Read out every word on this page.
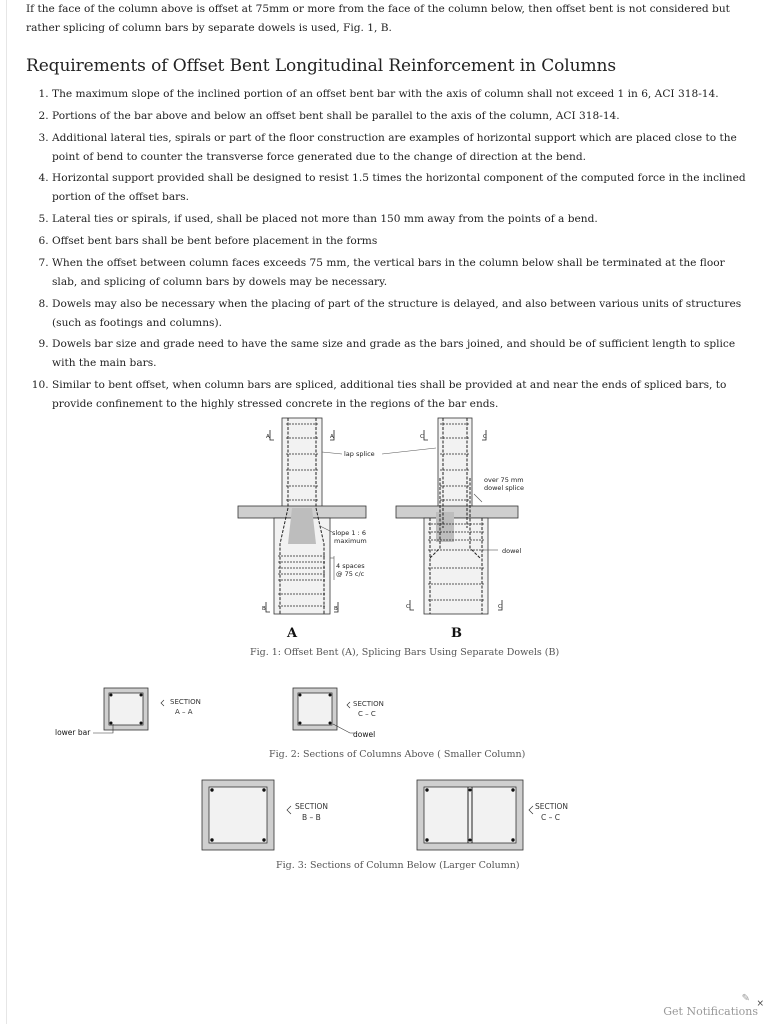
If the face of the column above is offset at 75mm or more from the face of the column below, then offset bent is not considered but rather splicing of column bars by separate dowels is used, Fig. 1, B.

Requirements of Offset Bent Longitudinal Reinforcement in Columns
1. The maximum slope of the inclined portion of an offset bent bar with the axis of column shall not exceed 1 in 6, ACI 318-14.
2. Portions of the bar above and below an offset bent shall be parallel to the axis of the column, ACI 318-14.
3. Additional lateral ties, spirals or part of the floor construction are examples of horizontal support which are placed close to the point of bend to counter the transverse force generated due to the change of direction at the bend.
4. Horizontal support provided shall be designed to resist 1.5 times the horizontal component of the computed force in the inclined portion of the offset bars.
5. Lateral ties or spirals, if used, shall be placed not more than 150 mm away from the points of a bend.
6. Offset bent bars shall be bent before placement in the forms
7. When the offset between column faces exceeds 75 mm, the vertical bars in the column below shall be terminated at the floor slab, and splicing of column bars by dowels may be necessary.
8. Dowels may also be necessary when the placing of part of the structure is delayed, and also between various units of structures (such as footings and columns).
9. Dowels bar size and grade need to have the same size and grade as the bars joined, and should be of sufficient length to splice with the main bars.
10. Similar to bent offset, when column bars are spliced, additional ties shall be provided at and near the ends of spliced bars, to provide confinement to the highly stressed concrete in the regions of the bar ends.
lap splice
over 75 mm
dowel splice
slope 1 : 6
maximum
4 spaces
@ 75 c/c
dowel
A	A
B	B
C	C
C	C
A	B
Fig. 1: Offset Bent (A), Splicing Bars Using Separate Dowels (B)
SECTION
A – A
SECTION
C – C
lower bar	dowel
Fig. 2: Sections of Columns Above ( Smaller Column)
SECTION
B – B
SECTION
C – C
Fig. 3: Sections of Column Below (Larger Column)
Get Notifications
✎ ×
